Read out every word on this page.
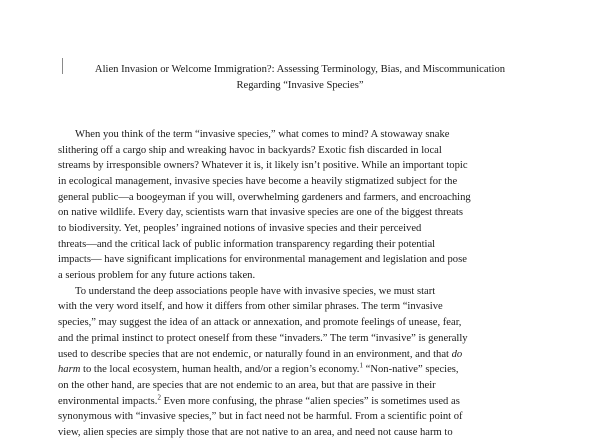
Alien Invasion or Welcome Immigration?: Assessing Terminology, Bias, and Miscommunication
Regarding “Invasive Species”
When you think of the term “invasive species,” what comes to mind? A stowaway snake
slithering off a cargo ship and wreaking havoc in backyards? Exotic fish discarded in local
streams by irresponsible owners? Whatever it is, it likely isn’t positive. While an important topic
in ecological management, invasive species have become a heavily stigmatized subject for the
general public—a boogeyman if you will, overwhelming gardeners and farmers, and encroaching
on native wildlife. Every day, scientists warn that invasive species are one of the biggest threats
to biodiversity. Yet, peoples’ ingrained notions of invasive species and their perceived
threats—and the critical lack of public information transparency regarding their potential
impacts— have significant implications for environmental management and legislation and pose
a serious problem for any future actions taken.
To understand the deep associations people have with invasive species, we must start
with the very word itself, and how it differs from other similar phrases. The term “invasive
species,” may suggest the idea of an attack or annexation, and promote feelings of unease, fear,
and the primal instinct to protect oneself from these “invaders.” The term “invasive” is generally
used to describe species that are not endemic, or naturally found in an environment, and that do
harm to the local ecosystem, human health, and/or a region’s economy.$^1$ “Non-native” species,
on the other hand, are species that are not endemic to an area, but that are passive in their
environmental impacts.$^2$ Even more confusing, the phrase “alien species” is sometimes used as
synonymous with “invasive species,” but in fact need not be harmful. From a scientific point of
view, alien species are simply those that are not native to an area, and need not cause harm to
